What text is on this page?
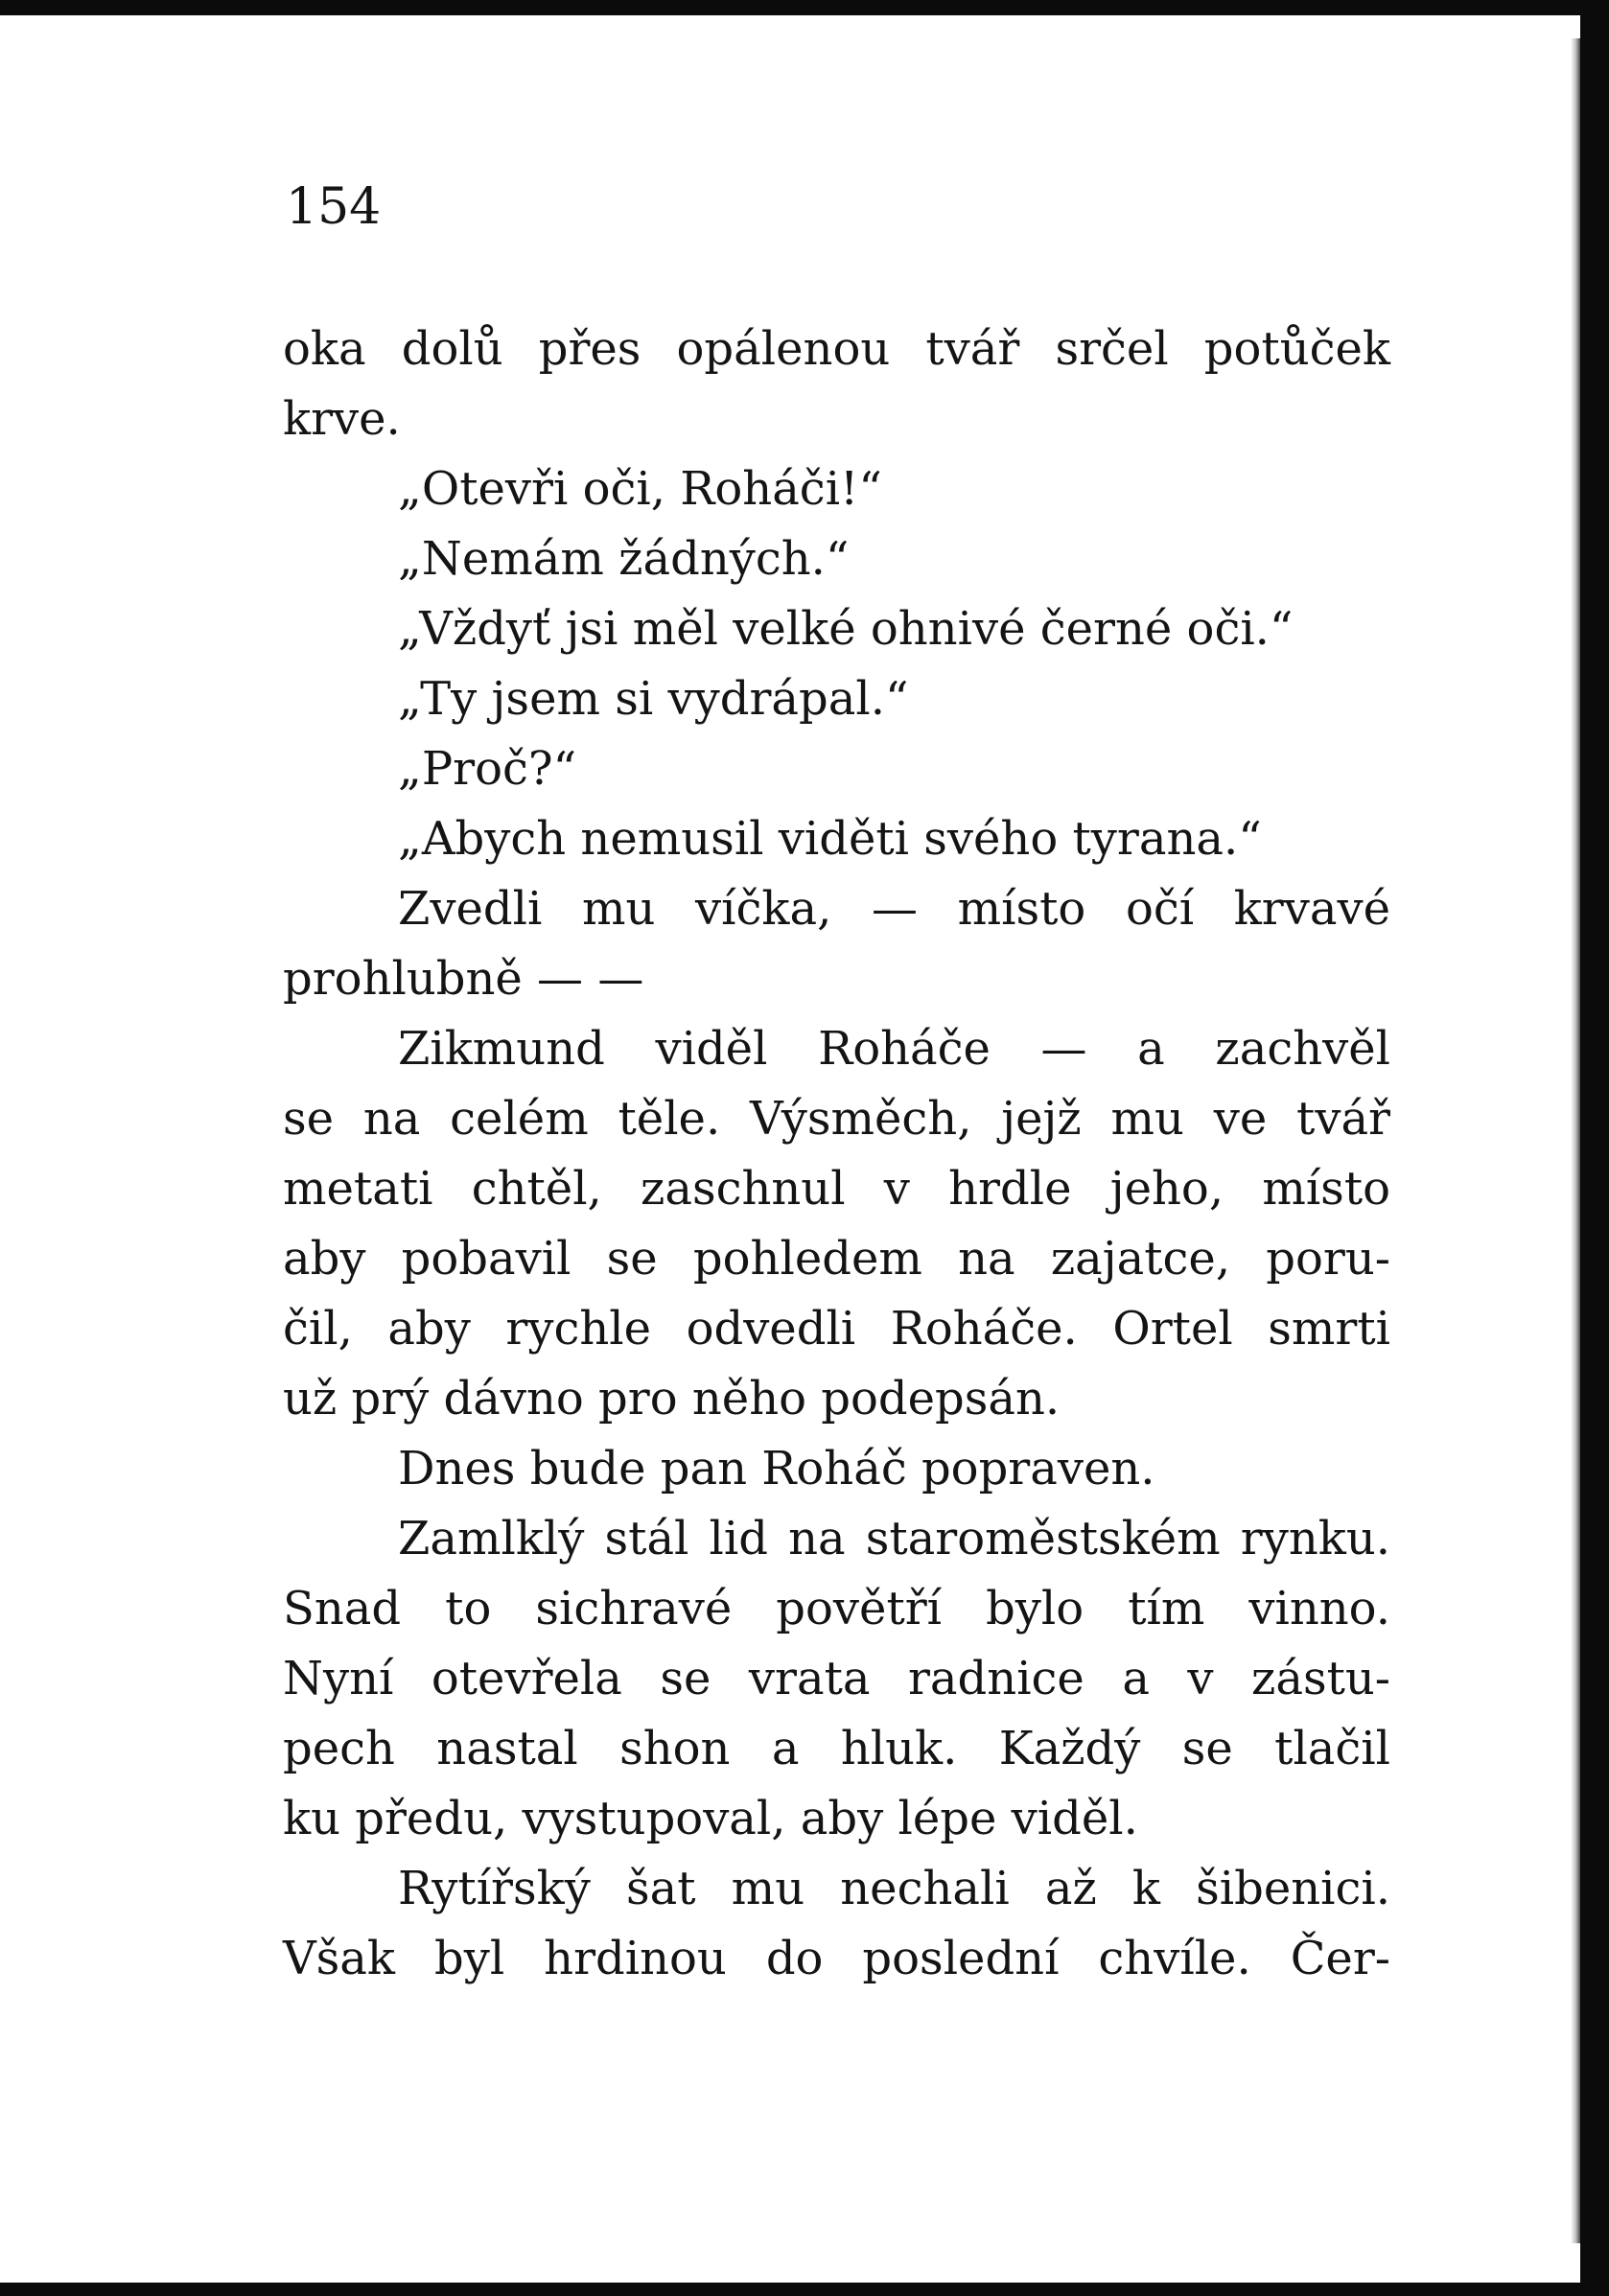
154
oka dolů přes opálenou tvář srčel potůček
krve.
„Otevři oči, Roháči!“
„Nemám žádných.“
„Vždyť jsi měl velké ohnivé černé oči.“
„Ty jsem si vydrápal.“
„Proč?“
„Abych nemusil viděti svého tyrana.“
Zvedli mu víčka, — místo očí krvavé
prohlubně — —
Zikmund viděl Roháče — a zachvěl
se na celém těle. Výsměch, jejž mu ve tvář
metati chtěl, zaschnul v hrdle jeho, místo
aby pobavil se pohledem na zajatce, poru-
čil, aby rychle odvedli Roháče. Ortel smrti
už prý dávno pro něho podepsán.
Dnes bude pan Roháč popraven.
Zamlklý stál lid na staroměstském rynku.
Snad to sichravé povětří bylo tím vinno.
Nyní otevřela se vrata radnice a v zástu-
pech nastal shon a hluk. Každý se tlačil
ku předu, vystupoval, aby lépe viděl.
Rytířský šat mu nechali až k šibenici.
Však byl hrdinou do poslední chvíle. Čer-
